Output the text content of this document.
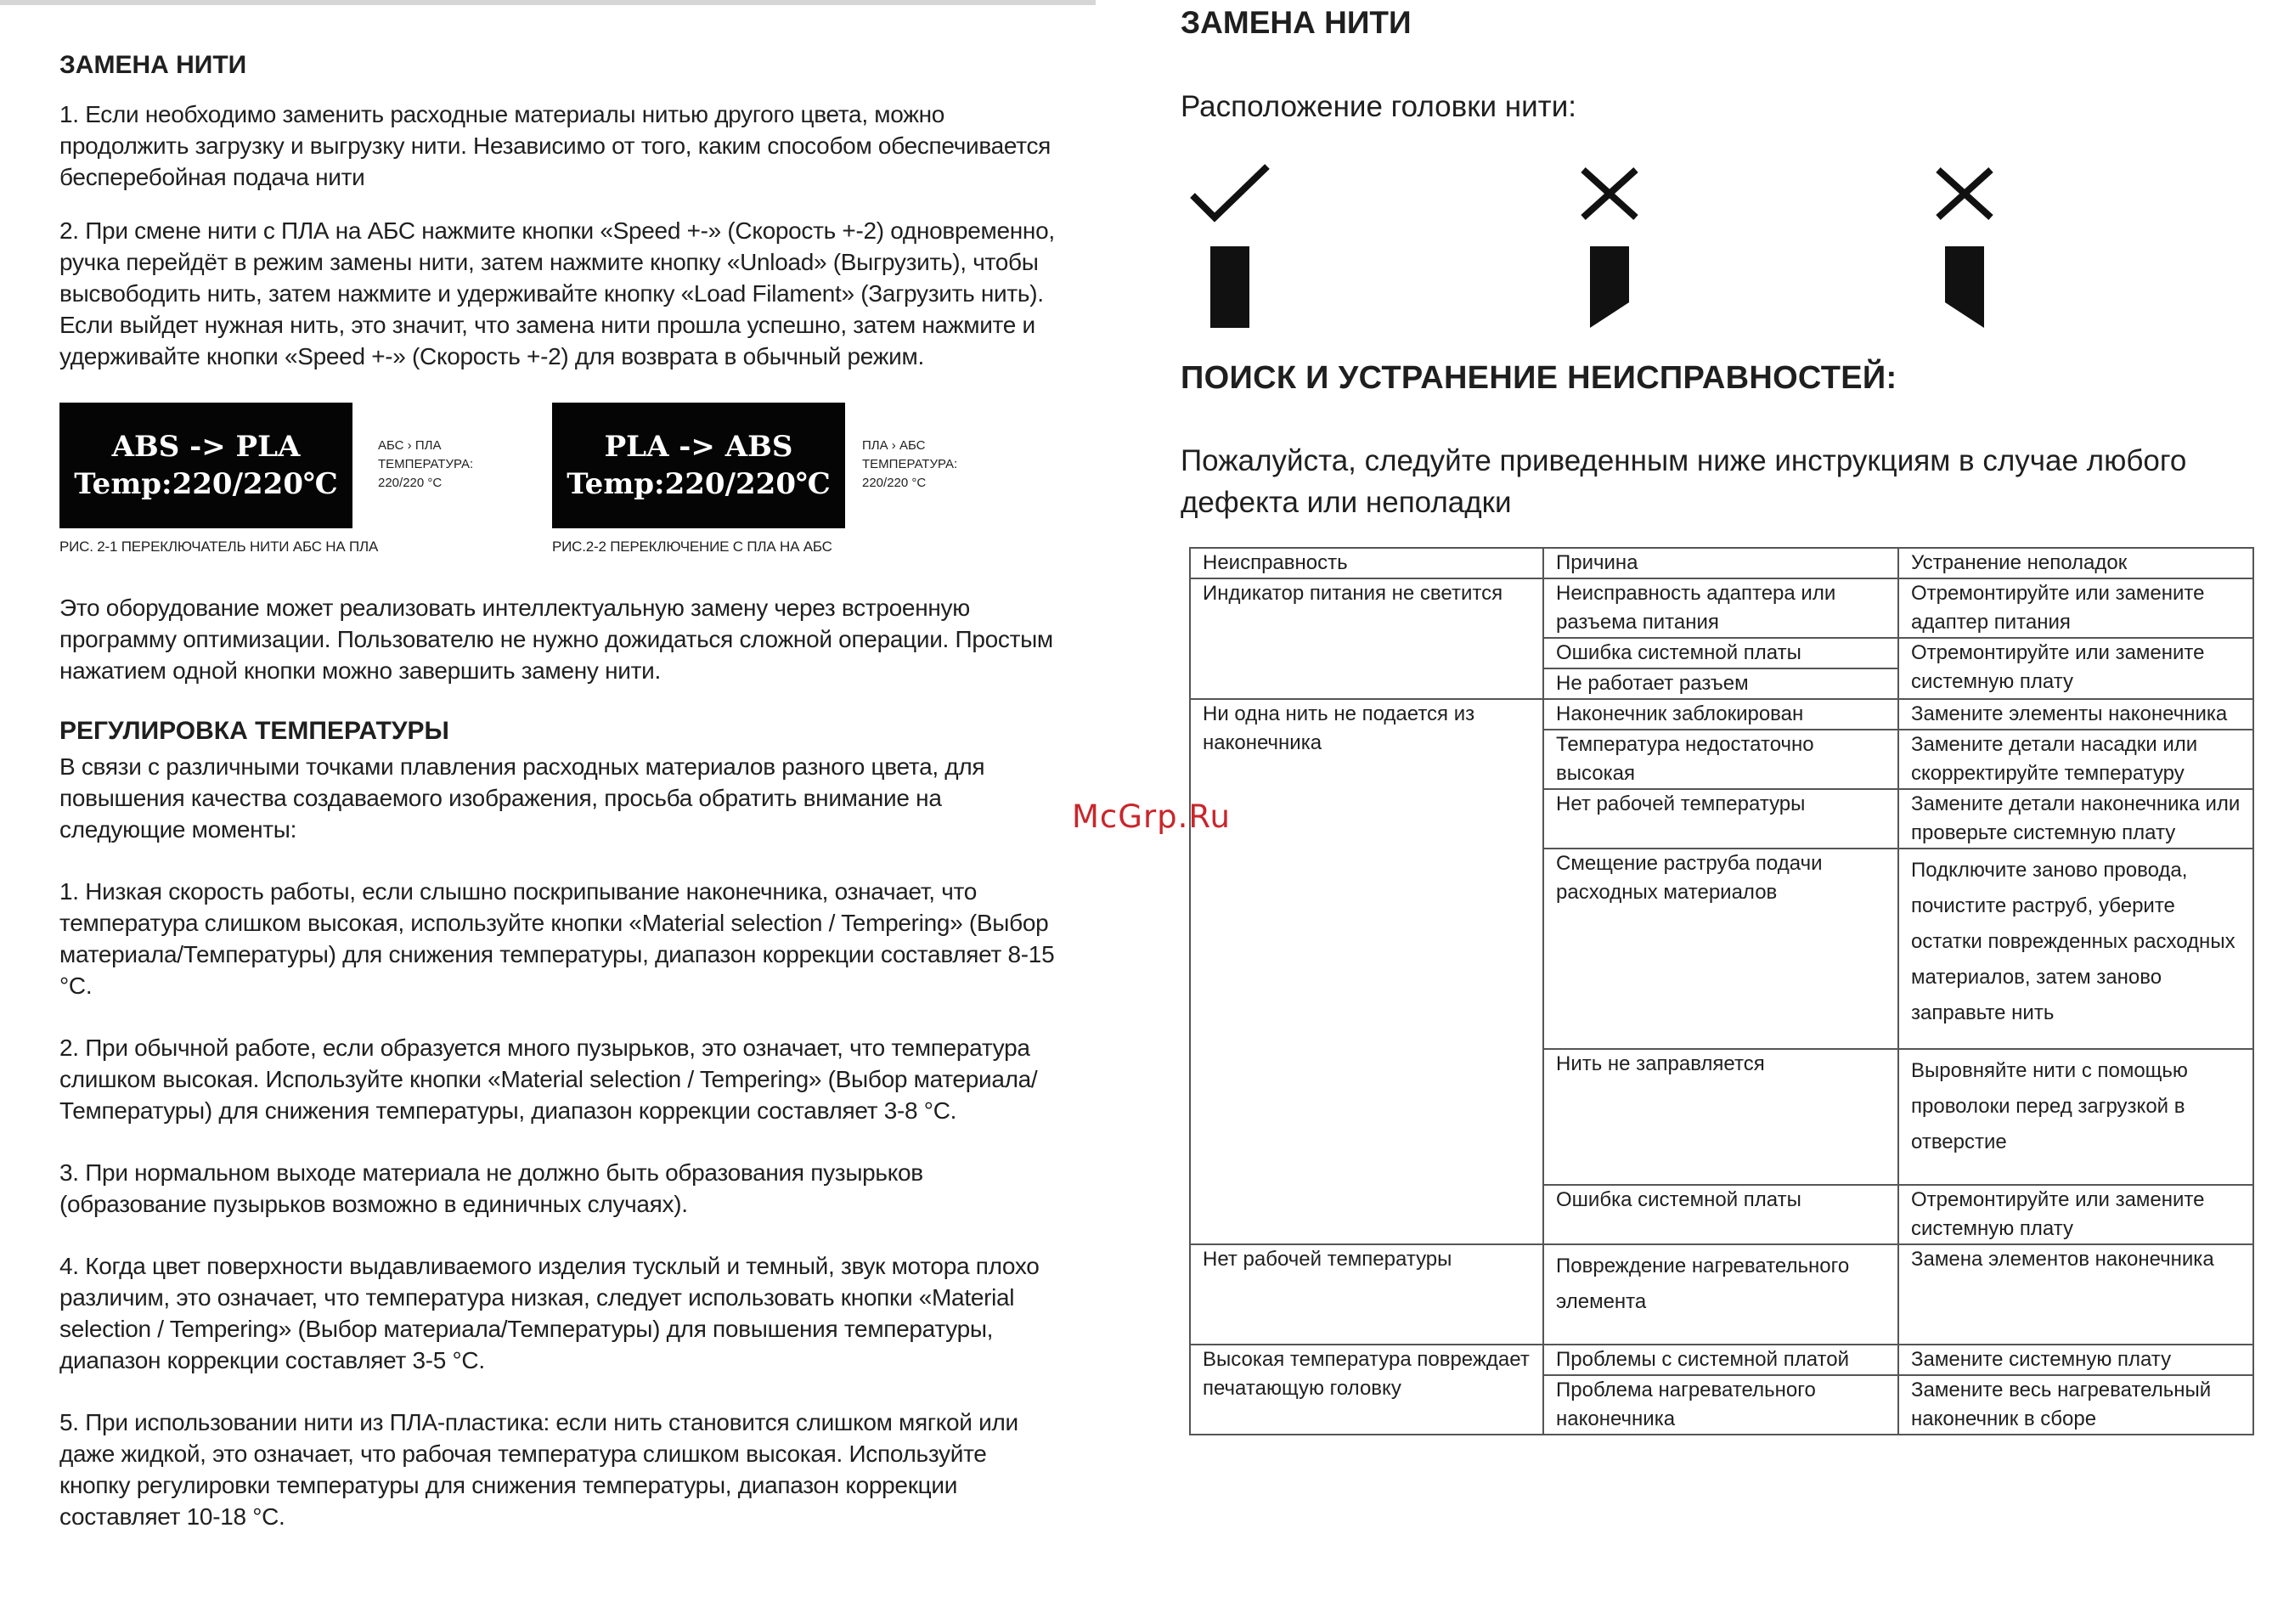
ЗАМЕНА НИТИ

1. Если необходимо заменить расходные материалы нитью другого цвета, можно продолжить загрузку и выгрузку нити. Независимо от того, каким способом обеспечивается бесперебойная подача нити

2. При смене нити с ПЛА на АБС нажмите кнопки «Speed +-» (Скорость +-2) одновременно, ручка перейдёт в режим замены нити, затем нажмите кнопку «Unload» (Выгрузить), чтобы высвободить нить, затем нажмите и удерживайте кнопку «Load Filament» (Загрузить нить). Если выйдет нужная нить, это значит, что замена нити прошла успешно, затем нажмите и удерживайте кнопки «Speed +-» (Скорость +-2) для возврата в обычный режим.

ABS -> PLA
Temp:220/220℃
АБС › ПЛА
ТЕМПЕРАТУРА:
220/220 °C
РИС. 2-1 ПЕРЕКЛЮЧАТЕЛЬ НИТИ АБС НА ПЛА
PLA -> ABS
Temp:220/220℃
ПЛА › АБС
ТЕМПЕРАТУРА:
220/220 °C
РИС.2-2 ПЕРЕКЛЮЧЕНИЕ С ПЛА НА АБС

Это оборудование может реализовать интеллектуальную замену через встроенную программу оптимизации. Пользователю не нужно дожидаться сложной операции. Простым нажатием одной кнопки можно завершить замену нити.

РЕГУЛИРОВКА ТЕМПЕРАТУРЫ

В связи с различными точками плавления расходных материалов разного цвета, для повышения качества создаваемого изображения, просьба обратить внимание на следующие моменты:

1. Низкая скорость работы, если слышно поскрипывание наконечника, означает, что температура слишком высокая, используйте кнопки «Material selection / Tempering» (Выбор материала/Температуры) для снижения температуры, диапазон коррекции составляет 8-15 °C.

2. При обычной работе, если образуется много пузырьков, это означает, что температура слишком высокая. Используйте кнопки «Material selection / Tempering» (Выбор материала/ Температуры) для снижения температуры, диапазон коррекции составляет 3-8 °C.

3. При нормальном выходе материала не должно быть образования пузырьков (образование пузырьков возможно в единичных случаях).

4. Когда цвет поверхности выдавливаемого изделия тусклый и темный, звук мотора плохо различим, это означает, что температура низкая, следует использовать кнопки «Material selection / Tempering» (Выбор материала/Температуры) для повышения температуры, диапазон коррекции составляет 3-5 °C.

5. При использовании нити из ПЛА-пластика: если нить становится слишком мягкой или даже жидкой, это означает, что рабочая температура слишком высокая. Используйте кнопку регулировки температуры для снижения температуры, диапазон коррекции составляет 10-18 °C.

McGrp.Ru
ЗАМЕНА НИТИ
Расположение головки нити:
ПОИСК И УСТРАНЕНИЕ НЕИСПРАВНОСТЕЙ:
Пожалуйста, следуйте приведенным ниже инструкциям в случае любого дефекта или неполадки
Неисправность	Причина	Устранение неполадок
Индикатор питания не светится	Неисправность адаптера или разъема питания	Отремонтируйте или замените адаптер питания
	Ошибка системной платы	Отремонтируйте или замените системную плату
	Не работает разъем	
Ни одна нить не подается из наконечника	Наконечник заблокирован	Замените элементы наконечника
	Температура недостаточно высокая	Замените детали насадки или скорректируйте температуру
	Нет рабочей температуры	Замените детали наконечника или проверьте системную плату
	Смещение раструба подачи расходных материалов	Подключите заново провода, почистите раструб, уберите остатки поврежденных расходных материалов, затем заново заправьте нить
	Нить не заправляется	Выровняйте нити с помощью проволоки перед загрузкой в отверстие
	Ошибка системной платы	Отремонтируйте или замените системную плату
Нет рабочей температуры	Повреждение нагревательного элемента	Замена элементов наконечника
Высокая температура повреждает печатающую головку	Проблемы с системной платой	Замените системную плату
	Проблема нагревательного наконечника	Замените весь нагревательный наконечник в сборе
